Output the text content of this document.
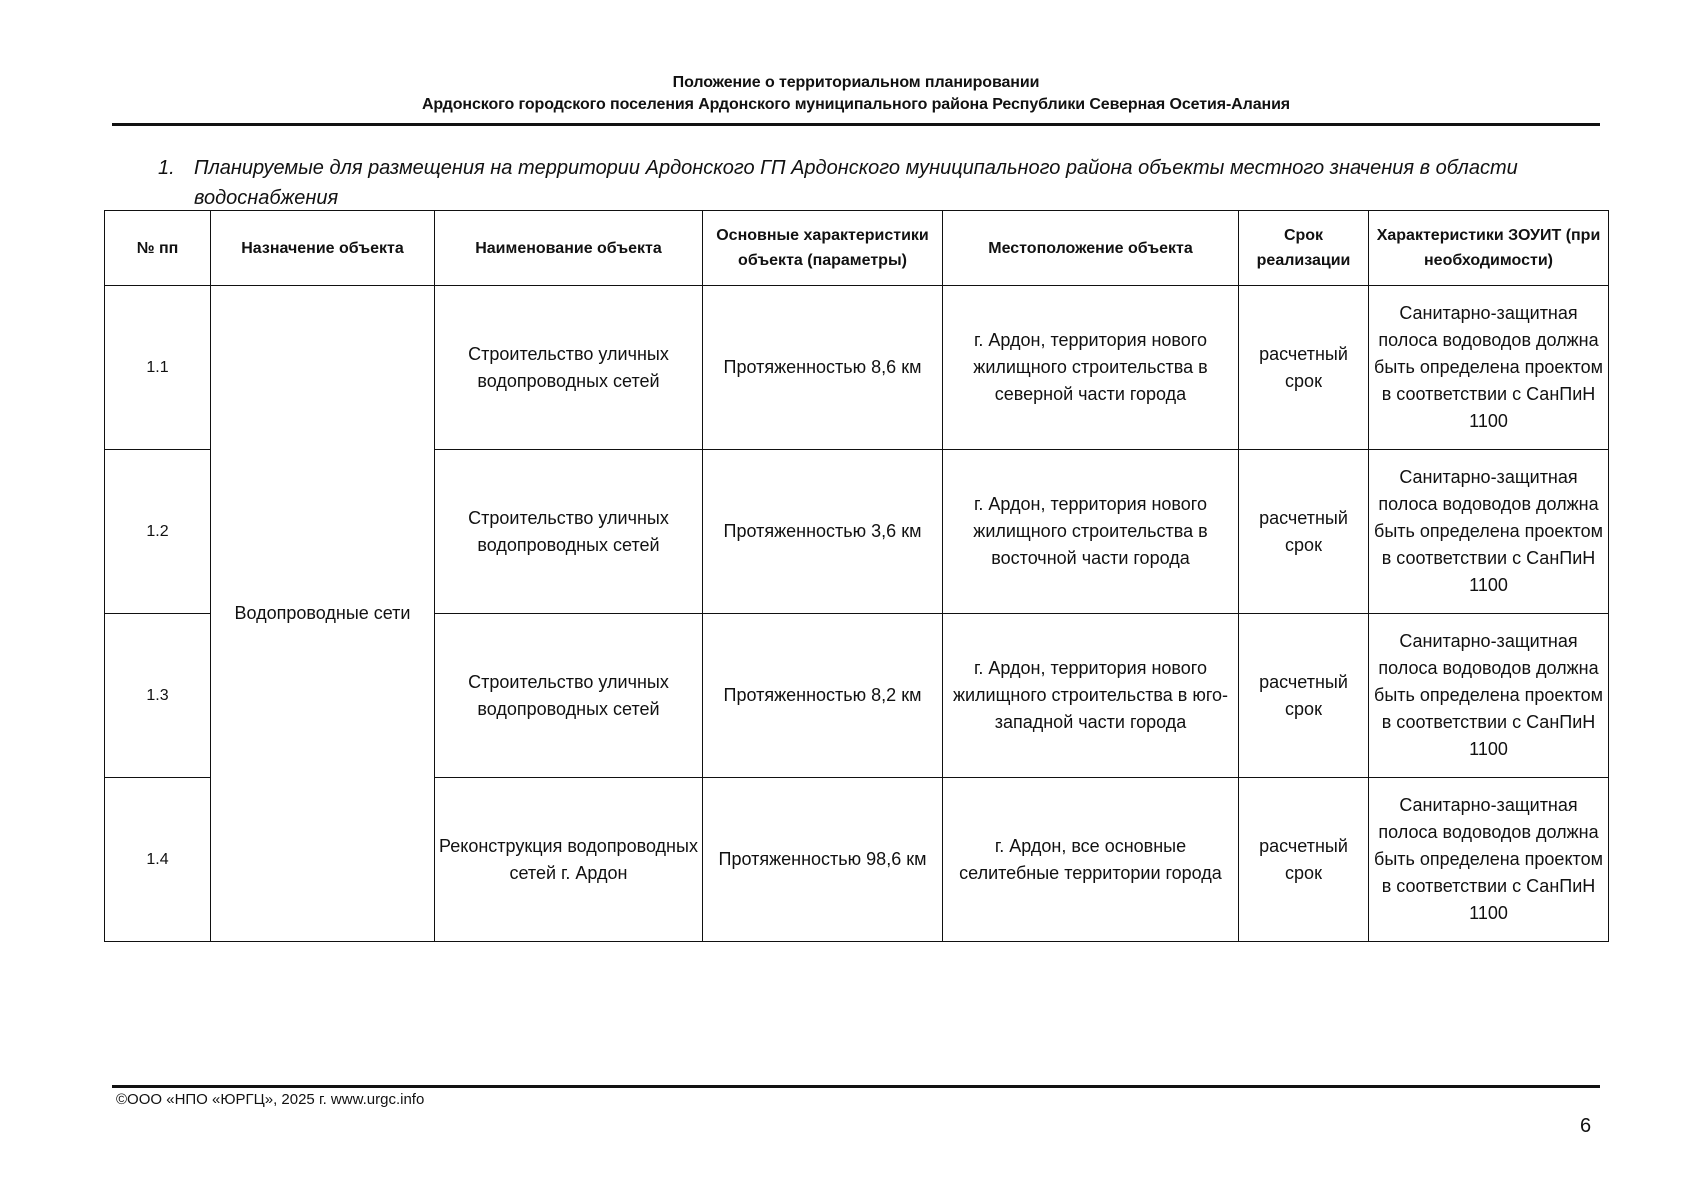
Положение о территориальном планировании
Ардонского городского поселения Ардонского муниципального района Республики Северная Осетия-Алания
1. Планируемые для размещения на территории Ардонского ГП Ардонского муниципального района объекты местного значения в области водоснабжения
№ пп	Назначение объекта	Наименование объекта	Основные характеристики объекта (параметры)	Местоположение объекта	Срок реализации	Характеристики ЗОУИТ (при необходимости)
1.1	Водопроводные сети	Строительство уличных водопроводных сетей	Протяженностью 8,6 км	г. Ардон, территория нового жилищного строительства в северной части города	расчетный срок	Санитарно-защитная полоса водоводов должна быть определена проектом в соответствии с СанПиН 1100
1.2		Строительство уличных водопроводных сетей	Протяженностью 3,6 км	г. Ардон, территория нового жилищного строительства в восточной части города	расчетный срок	Санитарно-защитная полоса водоводов должна быть определена проектом в соответствии с СанПиН 1100
1.3		Строительство уличных водопроводных сетей	Протяженностью 8,2 км	г. Ардон, территория нового жилищного строительства в юго-западной части города	расчетный срок	Санитарно-защитная полоса водоводов должна быть определена проектом в соответствии с СанПиН 1100
1.4		Реконструкция водопроводных сетей г. Ардон	Протяженностью 98,6 км	г. Ардон, все основные селитебные территории города	расчетный срок	Санитарно-защитная полоса водоводов должна быть определена проектом в соответствии с СанПиН 1100
©ООО «НПО «ЮРГЦ», 2025 г. www.urgc.info
6
